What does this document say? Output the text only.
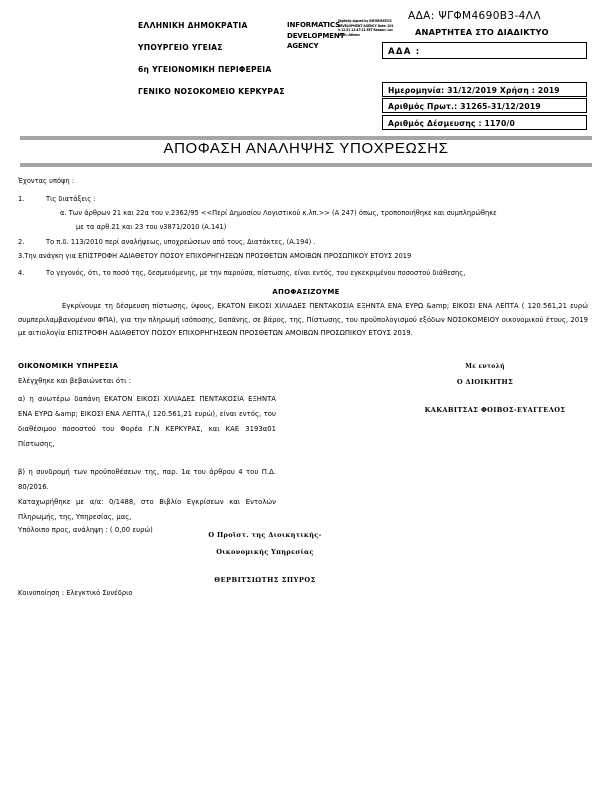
ΕΛΛΗΝΙΚΗ ΔΗΜΟΚΡΑΤΙΑ
ΥΠΟΥΡΓΕΙΟ ΥΓΕΙΑΣ
6η ΥΓΕΙΟΝΟΜΙΚΗ ΠΕΡΙΦΕΡΕΙΑ
ΓΕΝΙΚΟ ΝΟΣΟΚΟΜΕΙΟ ΚΕΡΚΥΡΑΣ
INFORMATICS DEVELOPMENT AGENCY
Digitally signed by INFORMATICS DEVELOPMENT AGENCY Date: 2019.12.31 12:47:21 EET Reason: Location: Athens
ΑΔΑ: ΨΓΦΜ4690Β3-4ΛΛ
ΑΝΑΡΤΗΤΕΑ ΣΤΟ ΔΙΑΔΙΚΤΥΟ
ΑΔΑ :
Ημερομηνία: 31/12/2019 Χρήση : 2019
Αριθμός Πρωτ.: 31265-31/12/2019
Αριθμός Δέσμευσης : 1170/0
ΑΠΟΦΑΣΗ ΑΝΑΛΗΨΗΣ ΥΠΟΧΡΕΩΣΗΣ
Έχοντας υπόψη :
1.	Τις διατάξεις :
α. Των άρθρων 21 και 22α του ν.2362/95 <<Περί Δημοσίου Λογιστικού κ.λπ.>> (Α 247) όπως, τροποποιήθηκε και συμπληρώθηκε
με τα αρθ.21 και 23 του ν3871/2010 (Α.141)
2.	Το π.δ. 113/2010 περί αναλήψεως, υποχρεώσεων από τους, Διατάκτες, (Α.194) .
3.Την ανάγκη για ΕΠΙΣΤΡΟΦΗ ΑΔΙΑΘΕΤΟΥ ΠΟΣΟΥ ΕΠΙΧΟΡΗΓΗΣΕΩΝ ΠΡΟΣΘΕΤΩΝ ΑΜΟΙΒΩΝ ΠΡΟΣΩΠΙΚΟΥ ΕΤΟΥΣ 2019
4.	Το γεγονός, ότι, το ποσό της, δεσμευόμενης, με την παρούσα, πίστωσης, είναι εντός, του εγκεκριμένου ποσοστού διάθεσης,
ΑΠΟΦΑΣΙΖΟΥΜΕ
Εγκρίνουμε τη δέσμευση πίστωσης, ύψους, ΕΚΑΤΟΝ ΕΙΚΟΣΙ ΧΙΛΙΑΔΕΣ ΠΕΝΤΑΚΟΣΙΑ ΕΞΗΝΤΑ ΕΝΑ ΕΥΡΩ &amp; ΕΙΚΟΣΙ ΕΝΑ ΛΕΠΤΑ ( 120.561,21 ευρώ συμπεριλαμβανομένου ΦΠΑ), για την πληρωμή ισόποσης, δαπάνης, σε βάρος, της, Πίστωσης, του προϋπολογισμού εξόδων ΝΟΣΟΚΟΜΕΙΟΥ οικονομικού έτους, 2019 με αιτιολογία ΕΠΙΣΤΡΟΦΗ ΑΔΙΑΘΕΤΟΥ ΠΟΣΟΥ ΕΠΙΧΟΡΗΓΗΣΕΩΝ ΠΡΟΣΘΕΤΩΝ ΑΜΟΙΒΩΝ ΠΡΟΣΩΠΙΚΟΥ ΕΤΟΥΣ 2019.
ΟΙΚΟΝΟΜΙΚΗ ΥΠΗΡΕΣΙΑ
Ελέγχθηκε και βεβαιώνεται ότι :
α) η ανωτέρω δαπάνη ΕΚΑΤΟΝ ΕΙΚΟΣΙ ΧΙΛΙΑΔΕΣ ΠΕΝΤΑΚΟΣΙΑ ΕΞΗΝΤΑ ΕΝΑ ΕΥΡΩ &amp; ΕΙΚΟΣΙ ΕΝΑ ΛΕΠΤΑ,( 120.561,21 ευρώ), είναι εντός, του διαθέσιμου ποσοστού του Φορέα Γ.Ν ΚΕΡΚΥΡΑΣ, και ΚΑΕ 3193α01 Πίστωσης,
β) η συνδρομή των προϋποθέσεων της, παρ. 1α του άρθρου 4 του Π.Δ. 80/2016.
Καταχωρήθηκε με α/α: 0/1488, στο Βιβλίο Εγκρίσεων και Εντολών Πληρωμής, της, Υπηρεσίας, μας,
Υπόλοιπο προς, ανάληψη : ( 0,00 ευρώ)
Ο Προϊστ. της Διοικητικής-
Οικονομικής Υπηρεσίας
ΘΕΡΒΙΤΣΙΩΤΗΣ ΣΠΥΡΟΣ
Με εντολή
Ο ΔΙΟΙΚΗΤΗΣ
ΚΑΚΑΒΙΤΣΑΣ ΦΟΙΒΟΣ-ΕΥΑΓΓΕΛΟΣ
Κοινοποίηση : Ελεγκτικό Συνέδριο
